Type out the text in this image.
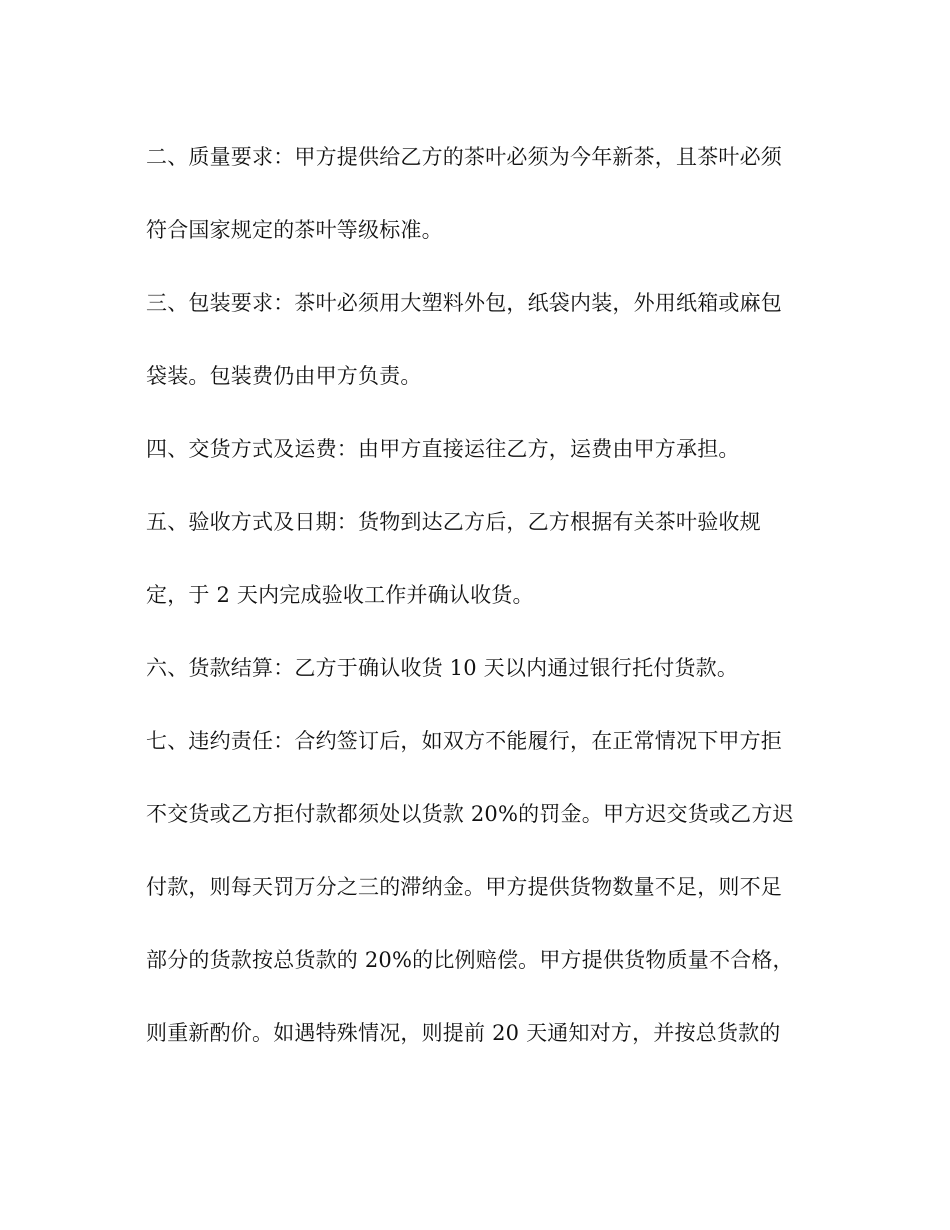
二、质量要求：甲方提供给乙方的茶叶必须为今年新茶，且茶叶必须

符合国家规定的茶叶等级标准。

三、包装要求：茶叶必须用大塑料外包，纸袋内装，外用纸箱或麻包

袋装。包装费仍由甲方负责。

四、交货方式及运费：由甲方直接运往乙方，运费由甲方承担。

五、验收方式及日期：货物到达乙方后，乙方根据有关茶叶验收规

定，于 2 天内完成验收工作并确认收货。

六、货款结算：乙方于确认收货 10 天以内通过银行托付货款。

七、违约责任：合约签订后，如双方不能履行，在正常情况下甲方拒

不交货或乙方拒付款都须处以货款 20%的罚金。甲方迟交货或乙方迟

付款，则每天罚万分之三的滞纳金。甲方提供货物数量不足，则不足

部分的货款按总货款的 20%的比例赔偿。甲方提供货物质量不合格，

则重新酌价。如遇特殊情况，则提前 20 天通知对方，并按总货款的
